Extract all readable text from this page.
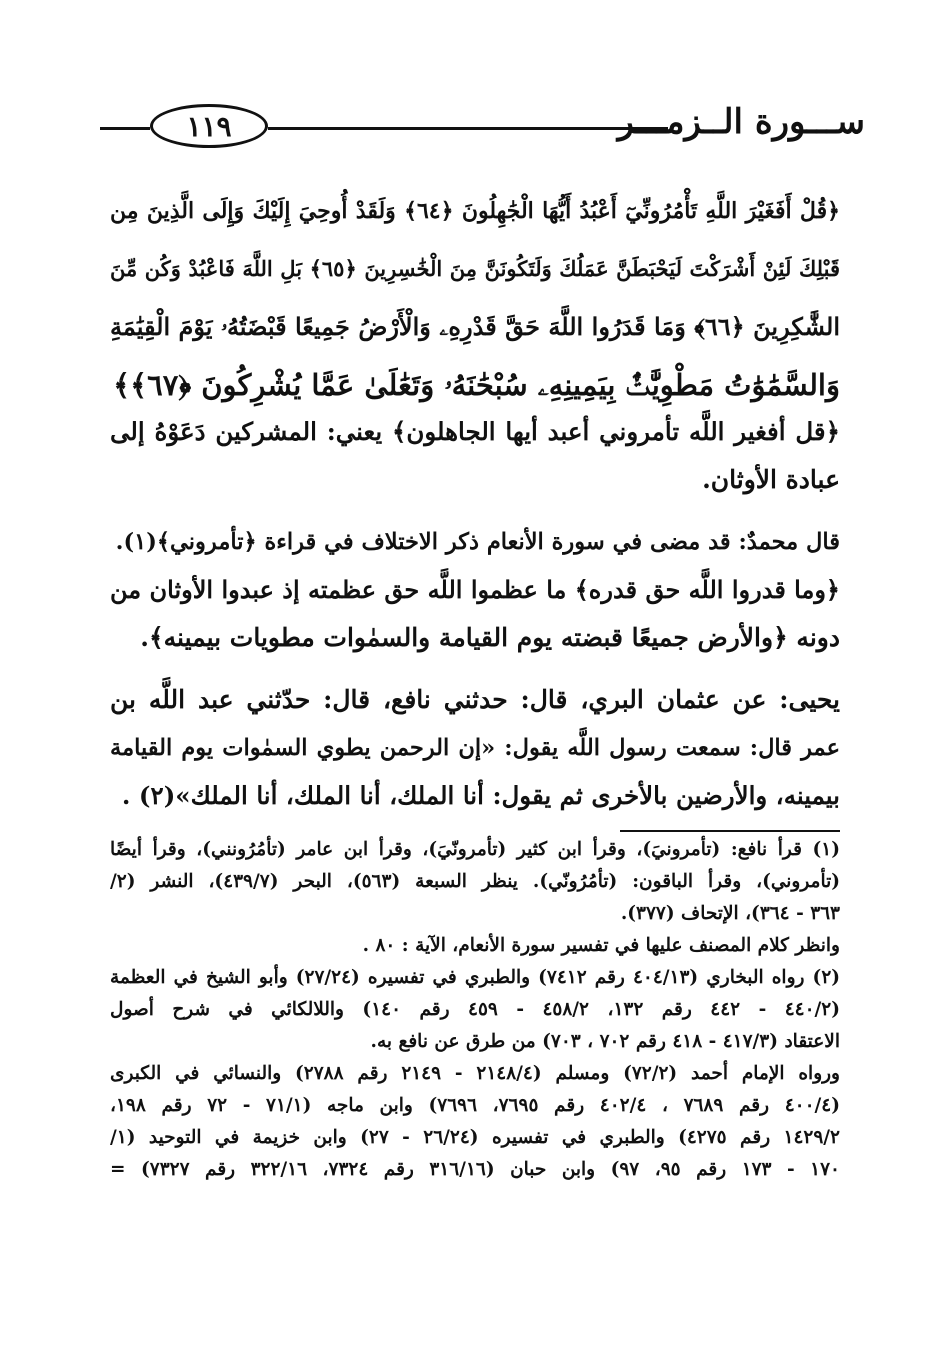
١١٩	ســـورة الــزمـــر
﴿قُلْ أَفَغَيْرَ اللَّهِ تَأْمُرُونِّيٓ أَعْبُدُ أَيُّهَا الْجَٰهِلُونَ ﴿٦٤﴾ وَلَقَدْ أُوحِيَ إِلَيْكَ وَإِلَى الَّذِينَ مِن
قَبْلِكَ لَئِنْ أَشْرَكْتَ لَيَحْبَطَنَّ عَمَلُكَ وَلَتَكُونَنَّ مِنَ الْخَٰسِرِينَ ﴿٦٥﴾ بَلِ اللَّهَ فَاعْبُدْ وَكُن مِّنَ
الشَّٰكِرِينَ ﴿٦٦﴾ وَمَا قَدَرُوا اللَّهَ حَقَّ قَدْرِهِۦ وَالْأَرْضُ جَمِيعًا قَبْضَتُهُۥ يَوْمَ الْقِيَٰمَةِ
وَالسَّمَٰوَٰتُ مَطْوِيَّٰتٌۢ بِيَمِينِهِۦ سُبْحَٰنَهُۥ وَتَعَٰلَىٰ عَمَّا يُشْرِكُونَ ﴿٦٧﴾﴾
﴿قل أفغير اللَّه تأمروني أعبد أيها الجاهلون﴾ يعني: المشركين دَعَوْهُ إلى
عبادة الأوثان.
قال محمدٌ: قد مضى في سورة الأنعام ذكر الاختلاف في قراءة ﴿تأمروني﴾(١).
﴿وما قدروا اللَّه حق قدره﴾ ما عظموا اللَّه حق عظمته إذ عبدوا الأوثان من
دونه ﴿والأرض جميعًا قبضته يوم القيامة والسمٰوات مطويات بيمينه﴾.
يحيى: عن عثمان البري، قال: حدثني نافع، قال: حدّثني عبد اللَّه بن
عمر قال: سمعت رسول اللَّه يقول: «إن الرحمن يطوي السمٰوات يوم القيامة
بيمينه، والأرضين بالأخرى ثم يقول: أنا الملك، أنا الملك، أنا الملك»(٢) .
(١) قرأ نافع: (تأمرونيَ)، وقرأ ابن كثير (تأمرونّيَ)، وقرأ ابن عامر (تأمُرُونني)، وقرأ أيضًا
(تأمروني)، وقرأ الباقون: (تأمُرُونّي). ينظر السبعة (٥٦٣)، البحر (٤٣٩/٧)، النشر (٢/
٣٦٣ - ٣٦٤)، الإتحاف (٣٧٧).
وانظر كلام المصنف عليها في تفسير سورة الأنعام، الآية : ٨٠ .
(٢) رواه البخاري (٤٠٤/١٣ رقم ٧٤١٢) والطبري في تفسيره (٢٧/٢٤) وأبو الشيخ في العظمة
(٤٤٠/٢ - ٤٤٢ رقم ١٣٢، ٤٥٨/٢ - ٤٥٩ رقم ١٤٠) واللالكائي في شرح أصول
الاعتقاد (٤١٧/٣ - ٤١٨ رقم ٧٠٢ ، ٧٠٣) من طرق عن نافع به.
ورواه الإمام أحمد (٧٢/٢) ومسلم (٢١٤٨/٤ - ٢١٤٩ رقم ٢٧٨٨) والنسائي في الكبرى
(٤٠٠/٤ رقم ٧٦٨٩ ، ٤٠٢/٤ رقم ٧٦٩٥، ٧٦٩٦) وابن ماجه (٧١/١ - ٧٢ رقم ١٩٨،
١٤٢٩/٢ رقم ٤٢٧٥) والطبري في تفسيره (٢٦/٢٤ - ٢٧) وابن خزيمة في التوحيد (١/
١٧٠ - ١٧٣ رقم ٩٥، ٩٧) وابن حبان (٣١٦/١٦ رقم ٧٣٢٤، ٣٢٢/١٦ رقم ٧٣٢٧) =
